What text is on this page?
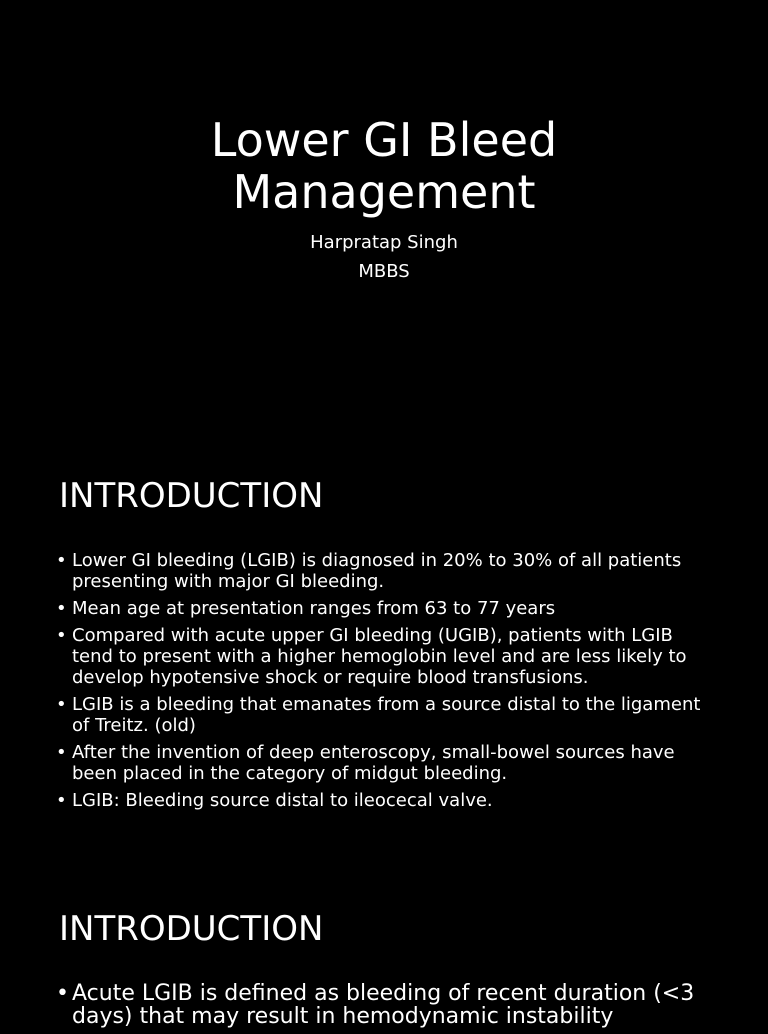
Lower GI Bleed
Management
Harpratap Singh
MBBS
INTRODUCTION
• Lower GI bleeding (LGIB) is diagnosed in 20% to 30% of all patients presenting with major GI bleeding.
• Mean age at presentation ranges from 63 to 77 years
• Compared with acute upper GI bleeding (UGIB), patients with LGIB tend to present with a higher hemoglobin level and are less likely to develop hypotensive shock or require blood transfusions.
• LGIB is a bleeding that emanates from a source distal to the ligament of Treitz. (old)
• After the invention of deep enteroscopy, small-bowel sources have been placed in the category of midgut bleeding.
• LGIB: Bleeding source distal to ileocecal valve.
INTRODUCTION
• Acute LGIB is defined as bleeding of recent duration (<3 days) that may result in hemodynamic instability
